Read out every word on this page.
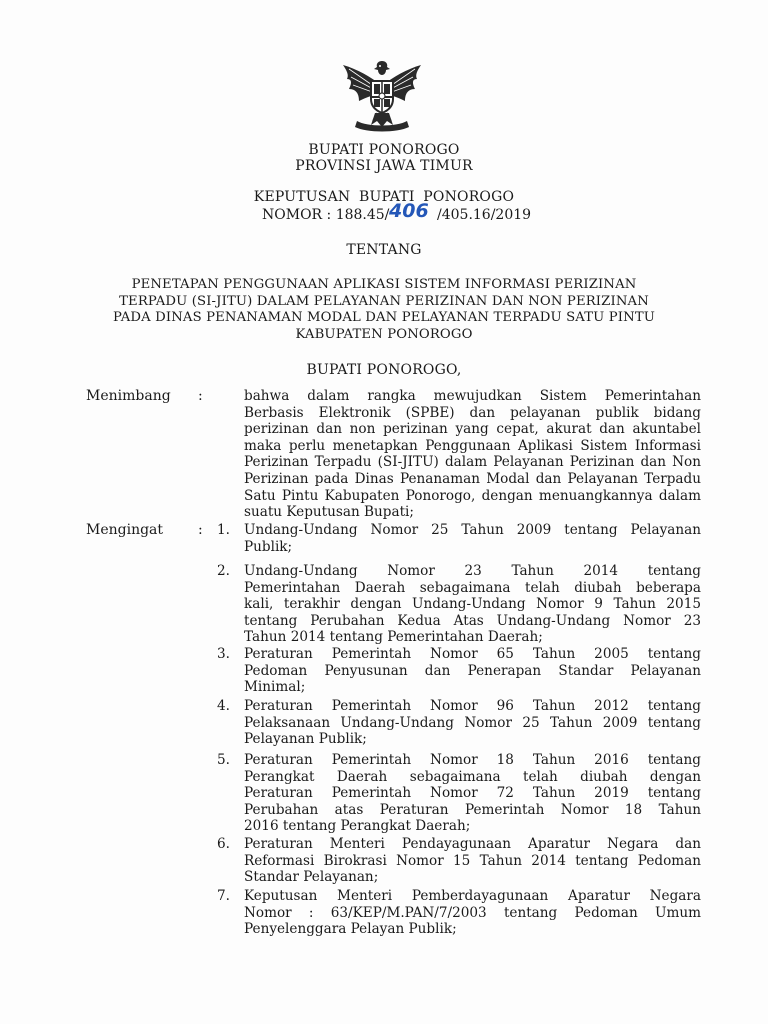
BUPATI PONOROGO
PROVINSI JAWA TIMUR
KEPUTUSAN BUPATI PONOROGO
NOMOR : 188.45/ 406 /405.16/2019
TENTANG
PENETAPAN PENGGUNAAN APLIKASI SISTEM INFORMASI PERIZINAN
TERPADU (SI-JITU) DALAM PELAYANAN PERIZINAN DAN NON PERIZINAN
PADA DINAS PENANAMAN MODAL DAN PELAYANAN TERPADU SATU PINTU
KABUPATEN PONOROGO
BUPATI PONOROGO,
Menimbang :	bahwa dalam rangka mewujudkan Sistem Pemerintahan
Berbasis Elektronik (SPBE) dan pelayanan publik bidang
perizinan dan non perizinan yang cepat, akurat dan akuntabel
maka perlu menetapkan Penggunaan Aplikasi Sistem Informasi
Perizinan Terpadu (SI-JITU) dalam Pelayanan Perizinan dan Non
Perizinan pada Dinas Penanaman Modal dan Pelayanan Terpadu
Satu Pintu Kabupaten Ponorogo, dengan menuangkannya dalam
suatu Keputusan Bupati;
Mengingat :	1. Undang-Undang Nomor 25 Tahun 2009 tentang Pelayanan
Publik;
2. Undang-Undang Nomor 23 Tahun 2014 tentang
Pemerintahan Daerah sebagaimana telah diubah beberapa
kali, terakhir dengan Undang-Undang Nomor 9 Tahun 2015
tentang Perubahan Kedua Atas Undang-Undang Nomor 23
Tahun 2014 tentang Pemerintahan Daerah;
3. Peraturan Pemerintah Nomor 65 Tahun 2005 tentang
Pedoman Penyusunan dan Penerapan Standar Pelayanan
Minimal;
4. Peraturan Pemerintah Nomor 96 Tahun 2012 tentang
Pelaksanaan Undang-Undang Nomor 25 Tahun 2009 tentang
Pelayanan Publik;
5. Peraturan Pemerintah Nomor 18 Tahun 2016 tentang
Perangkat Daerah sebagaimana telah diubah dengan
Peraturan Pemerintah Nomor 72 Tahun 2019 tentang
Perubahan atas Peraturan Pemerintah Nomor 18 Tahun
2016 tentang Perangkat Daerah;
6. Peraturan Menteri Pendayagunaan Aparatur Negara dan
Reformasi Birokrasi Nomor 15 Tahun 2014 tentang Pedoman
Standar Pelayanan;
7. Keputusan Menteri Pemberdayagunaan Aparatur Negara
Nomor : 63/KEP/M.PAN/7/2003 tentang Pedoman Umum
Penyelenggara Pelayan Publik;
